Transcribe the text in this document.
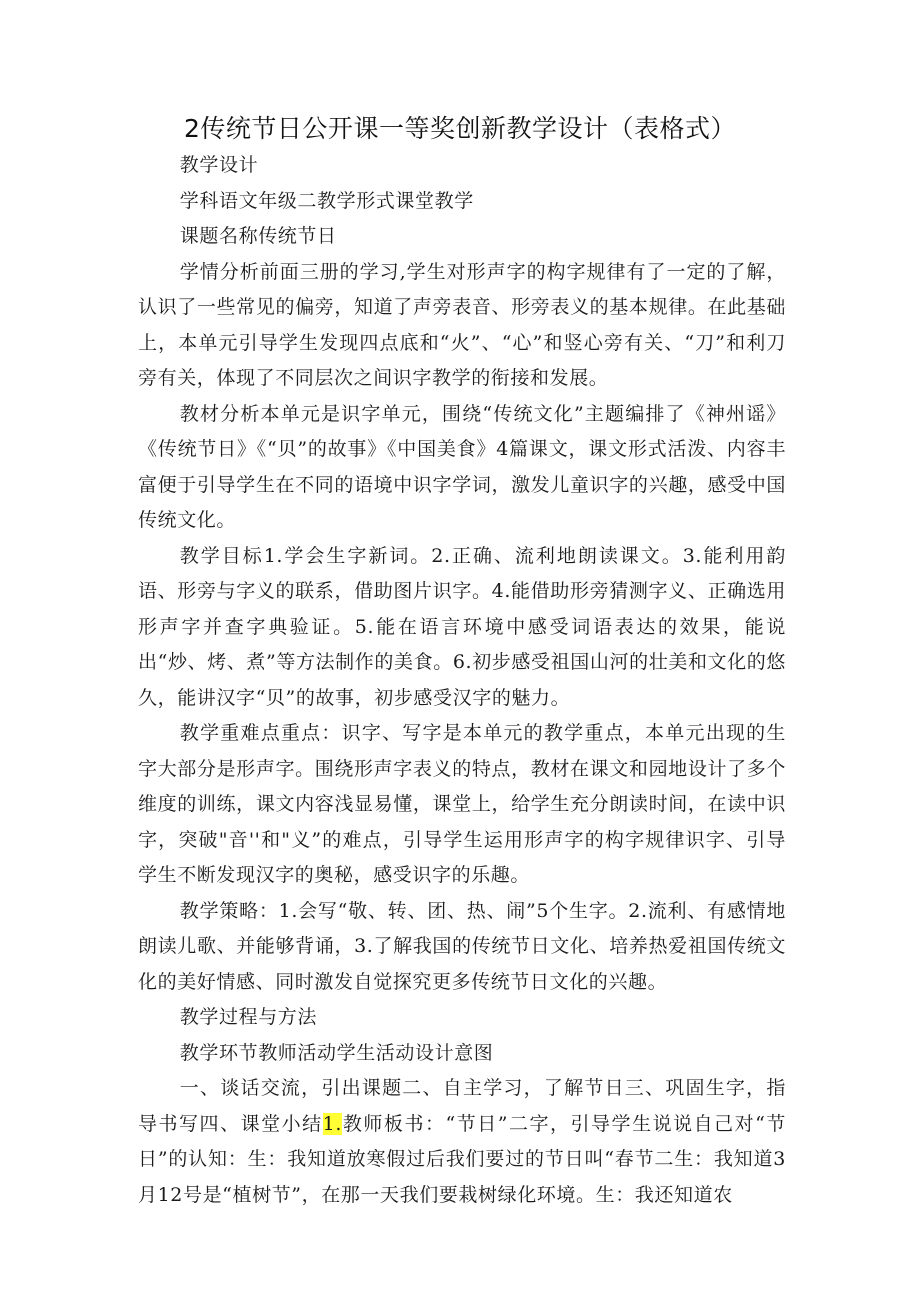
2传统节日公开课一等奖创新教学设计（表格式）

教学设计

学科语文年级二教学形式课堂教学

课题名称传统节日

学情分析前面三册的学习,学生对形声字的构字规律有了一定的了解，认识了一些常见的偏旁，知道了声旁表音、形旁表义的基本规律。在此基础上，本单元引导学生发现四点底和“火”、“心”和竖心旁有关、“刀”和利刀旁有关，体现了不同层次之间识字教学的衔接和发展。

教材分析本单元是识字单元，围绕“传统文化”主题编排了《神州谣》《传统节日》《“贝”的故事》《中国美食》4篇课文，课文形式活泼、内容丰富便于引导学生在不同的语境中识字学词，激发儿童识字的兴趣，感受中国传统文化。

教学目标1.学会生字新词。2.正确、流利地朗读课文。3.能利用韵语、形旁与字义的联系，借助图片识字。4.能借助形旁猜测字义、正确选用形声字并查字典验证。5.能在语言环境中感受词语表达的效果，能说出“炒、烤、煮”等方法制作的美食。6.初步感受祖国山河的壮美和文化的悠久，能讲汉字“贝”的故事，初步感受汉字的魅力。

教学重难点重点：识字、写字是本单元的教学重点，本单元出现的生字大部分是形声字。围绕形声字表义的特点，教材在课文和园地设计了多个维度的训练，课文内容浅显易懂，课堂上，给学生充分朗读时间，在读中识字，突破"音''和"义”的难点，引导学生运用形声字的构字规律识字、引导学生不断发现汉字的奥秘，感受识字的乐趣。

教学策略：1.会写“敬、转、团、热、闹”5个生字。2.流利、有感情地朗读儿歌、并能够背诵，3.了解我国的传统节日文化、培养热爱祖国传统文化的美好情感、同时激发自觉探究更多传统节日文化的兴趣。

教学过程与方法

教学环节教师活动学生活动设计意图

一、谈话交流，引出课题二、自主学习，了解节日三、巩固生字，指导书写四、课堂小结1.教师板书：“节日”二字，引导学生说说自己对“节日”的认知：生：我知道放寒假过后我们要过的节日叫“春节二生：我知道3月12号是“植树节”，在那一天我们要栽树绿化环境。生：我还知道农
